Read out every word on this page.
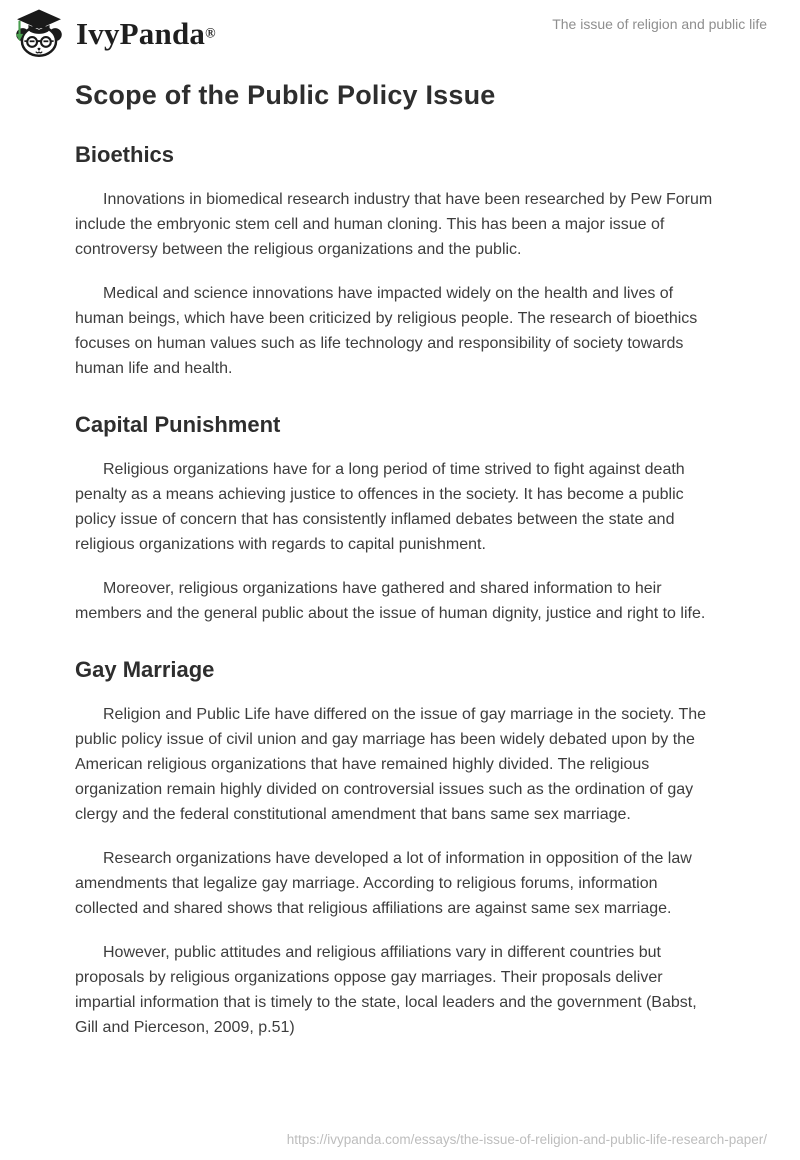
IvyPanda®
The issue of religion and public life
Scope of the Public Policy Issue
Bioethics

Innovations in biomedical research industry that have been researched by Pew Forum include the embryonic stem cell and human cloning. This has been a major issue of controversy between the religious organizations and the public.

Medical and science innovations have impacted widely on the health and lives of human beings, which have been criticized by religious people. The research of bioethics focuses on human values such as life technology and responsibility of society towards human life and health.

Capital Punishment

Religious organizations have for a long period of time strived to fight against death penalty as a means achieving justice to offences in the society. It has become a public policy issue of concern that has consistently inflamed debates between the state and religious organizations with regards to capital punishment.

Moreover, religious organizations have gathered and shared information to heir members and the general public about the issue of human dignity, justice and right to life.

Gay Marriage

Religion and Public Life have differed on the issue of gay marriage in the society. The public policy issue of civil union and gay marriage has been widely debated upon by the American religious organizations that have remained highly divided. The religious organization remain highly divided on controversial issues such as the ordination of gay clergy and the federal constitutional amendment that bans same sex marriage.

Research organizations have developed a lot of information in opposition of the law amendments that legalize gay marriage. According to religious forums, information collected and shared shows that religious affiliations are against same sex marriage.

However, public attitudes and religious affiliations vary in different countries but proposals by religious organizations oppose gay marriages. Their proposals deliver impartial information that is timely to the state, local leaders and the government (Babst, Gill and Pierceson, 2009, p.51)

https://ivypanda.com/essays/the-issue-of-religion-and-public-life-research-paper/
